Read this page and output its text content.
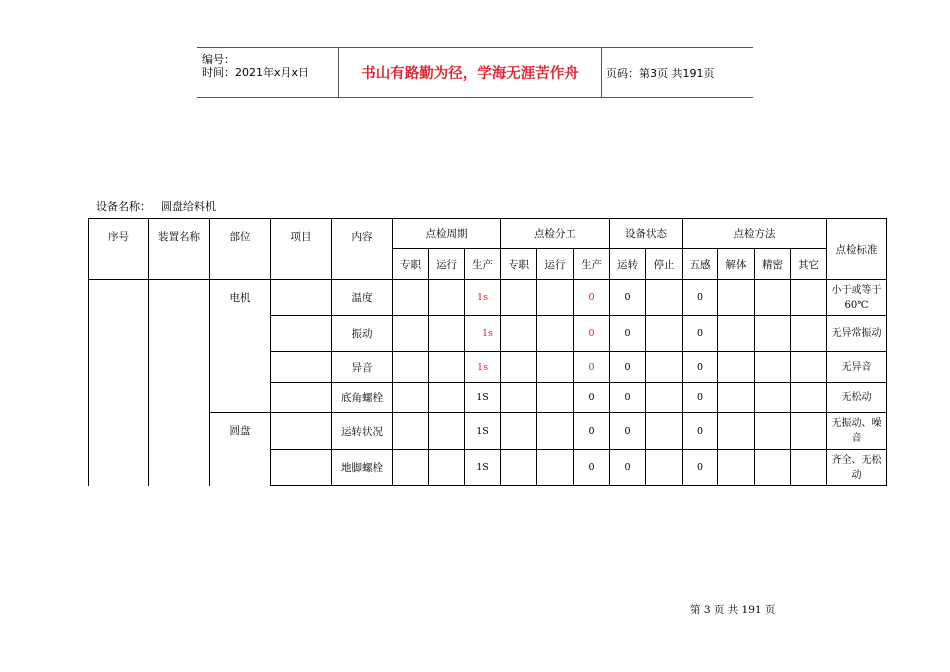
编号：
时间：2021年x月x日	书山有路勤为径，学海无涯苦作舟	页码：第3页 共191页
设备名称： 圆盘给料机
序号	装置名称	部位	项目	内容	点检周期			点检分工			设备状态		点检方法				点检标准
					专职	运行	生产	专职	运行	生产	运转	停止	五感	解体	精密	其它	
		电机		温度			1s			0	0		0				小于或等于60℃
				振动			1s			0	0		0				无异常振动
				异音			1s			0	0		0				无异音
				底角螺栓			1S			0	0		0				无松动
		圆盘		运转状况			1S			0	0		0				无振动、噪音
				地脚螺栓			1S			0	0		0				齐全、无松动
第 3 页 共 191 页
